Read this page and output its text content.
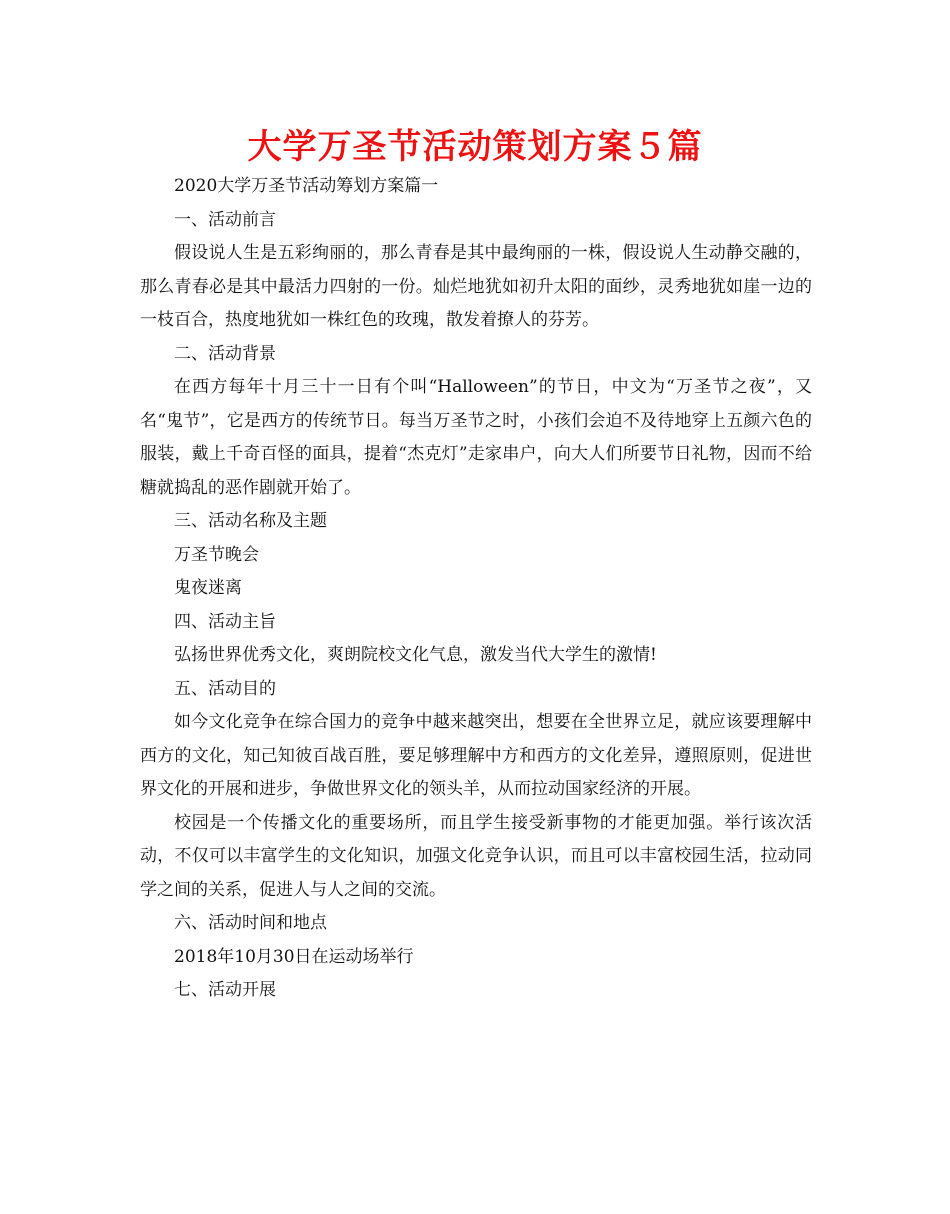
大学万圣节活动策划方案５篇

2020大学万圣节活动筹划方案篇一

一、活动前言

假设说人生是五彩绚丽的，那么青春是其中最绚丽的一株，假设说人生动静交融的，那么青春必是其中最活力四射的一份。灿烂地犹如初升太阳的面纱，灵秀地犹如崖一边的一枝百合，热度地犹如一株红色的玫瑰，散发着撩人的芬芳。

二、活动背景

在西方每年十月三十一日有个叫“Halloween”的节日，中文为“万圣节之夜”，又名“鬼节”，它是西方的传统节日。每当万圣节之时，小孩们会迫不及待地穿上五颜六色的服装，戴上千奇百怪的面具，提着“杰克灯”走家串户，向大人们所要节日礼物，因而不给糖就捣乱的恶作剧就开始了。

三、活动名称及主题

万圣节晚会

鬼夜迷离

四、活动主旨

弘扬世界优秀文化，爽朗院校文化气息，激发当代大学生的激情!

五、活动目的

如今文化竞争在综合国力的竞争中越来越突出，想要在全世界立足，就应该要理解中西方的文化，知己知彼百战百胜，要足够理解中方和西方的文化差异，遵照原则，促进世界文化的开展和进步，争做世界文化的领头羊，从而拉动国家经济的开展。

校园是一个传播文化的重要场所，而且学生接受新事物的才能更加强。举行该次活动，不仅可以丰富学生的文化知识，加强文化竞争认识，而且可以丰富校园生活，拉动同学之间的关系，促进人与人之间的交流。

六、活动时间和地点

2018年10月30日在运动场举行

七、活动开展
